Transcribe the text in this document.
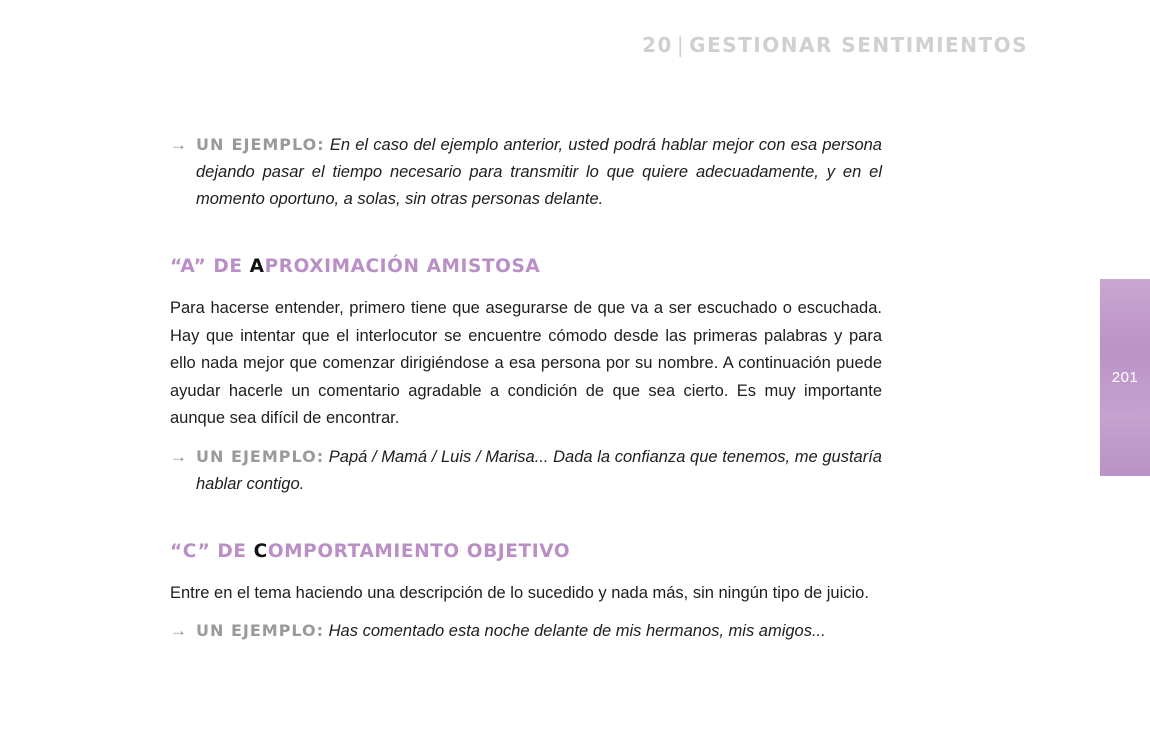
20 | GESTIONAR SENTIMIENTOS
201
→ UN EJEMPLO: En el caso del ejemplo anterior, usted podrá hablar mejor con esa persona dejando pasar el tiempo necesario para transmitir lo que quiere adecuadamente, y en el momento oportuno, a solas, sin otras personas delante.
“A” DE APROXIMACIÓN AMISTOSA
Para hacerse entender, primero tiene que asegurarse de que va a ser escuchado o escuchada. Hay que intentar que el interlocutor se encuentre cómodo desde las primeras palabras y para ello nada mejor que comenzar dirigiéndose a esa persona por su nombre. A continuación puede ayudar hacerle un comentario agradable a condición de que sea cierto. Es muy importante aunque sea difícil de encontrar.
→ UN EJEMPLO: Papá / Mamá / Luis / Marisa... Dada la confianza que tenemos, me gustaría hablar contigo.
“C” DE COMPORTAMIENTO OBJETIVO
Entre en el tema haciendo una descripción de lo sucedido y nada más, sin ningún tipo de juicio.
→ UN EJEMPLO: Has comentado esta noche delante de mis hermanos, mis amigos...
